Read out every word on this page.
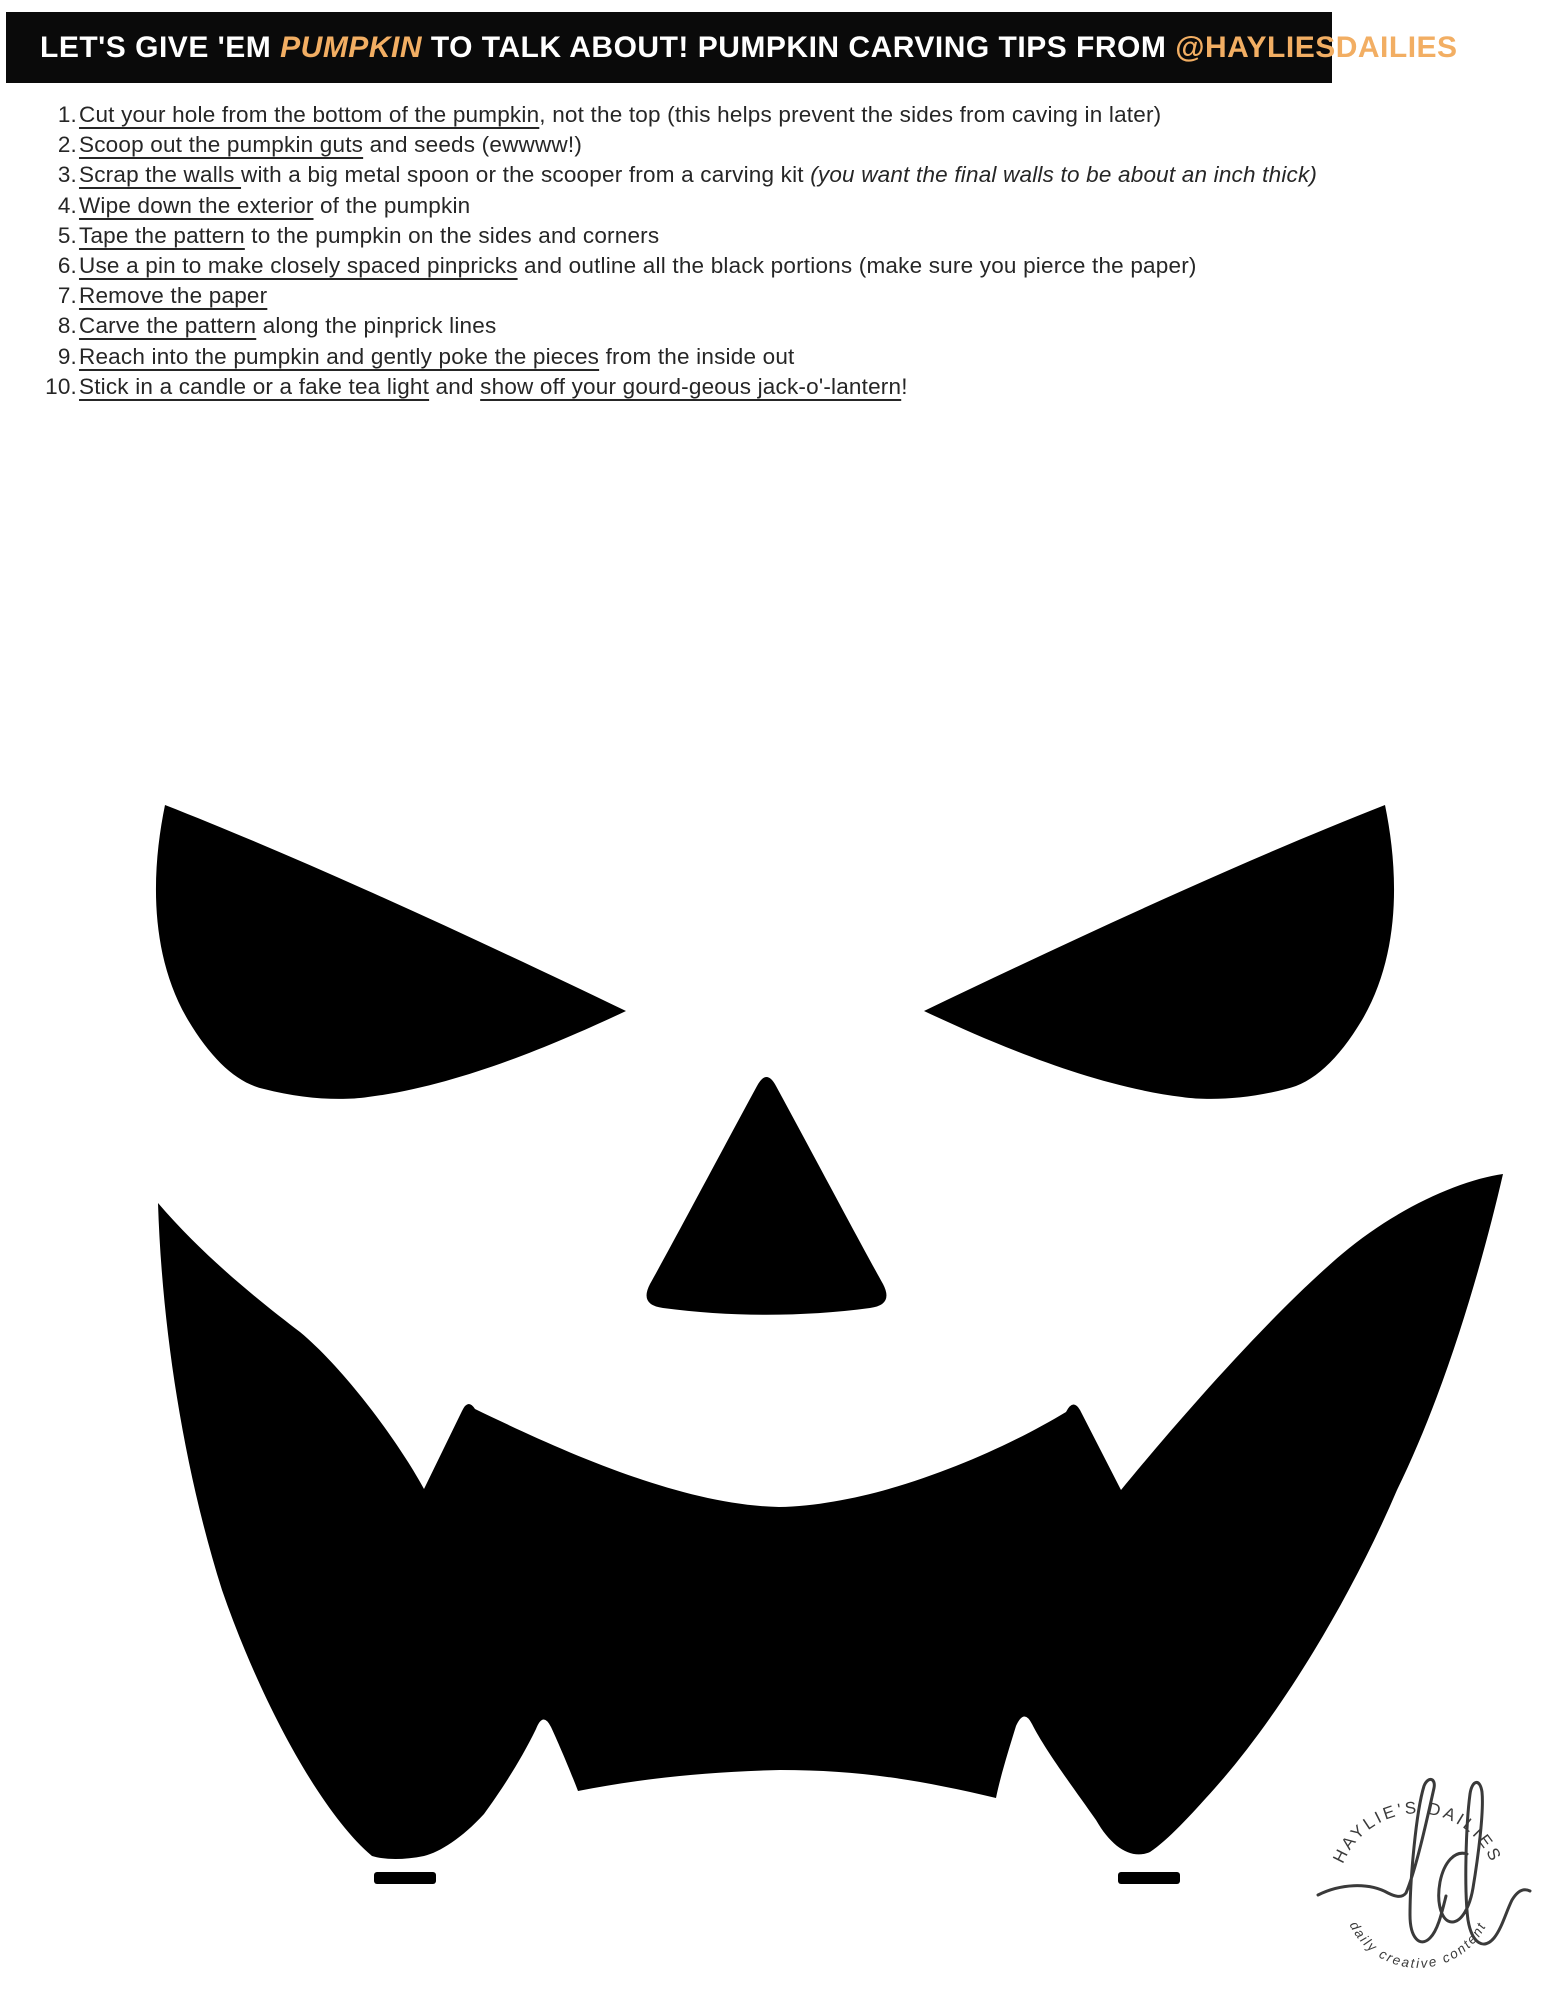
LET'S GIVE 'EM PUMPKIN TO TALK ABOUT! PUMPKIN CARVING TIPS FROM @HAYLIESDAILIES
1. Cut your hole from the bottom of the pumpkin, not the top (this helps prevent the sides from caving in later)
2. Scoop out the pumpkin guts and seeds (ewwww!)
3. Scrap the walls with a big metal spoon or the scooper from a carving kit (you want the final walls to be about an inch thick)
4. Wipe down the exterior of the pumpkin
5. Tape the pattern to the pumpkin on the sides and corners
6. Use a pin to make closely spaced pinpricks and outline all the black portions (make sure you pierce the paper)
7. Remove the paper
8. Carve the pattern along the pinprick lines
9. Reach into the pumpkin and gently poke the pieces from the inside out
10. Stick in a candle or a fake tea light and show off your gourd-geous jack-o'-lantern!
HAYLIE'S DAILIES
daily creative content
